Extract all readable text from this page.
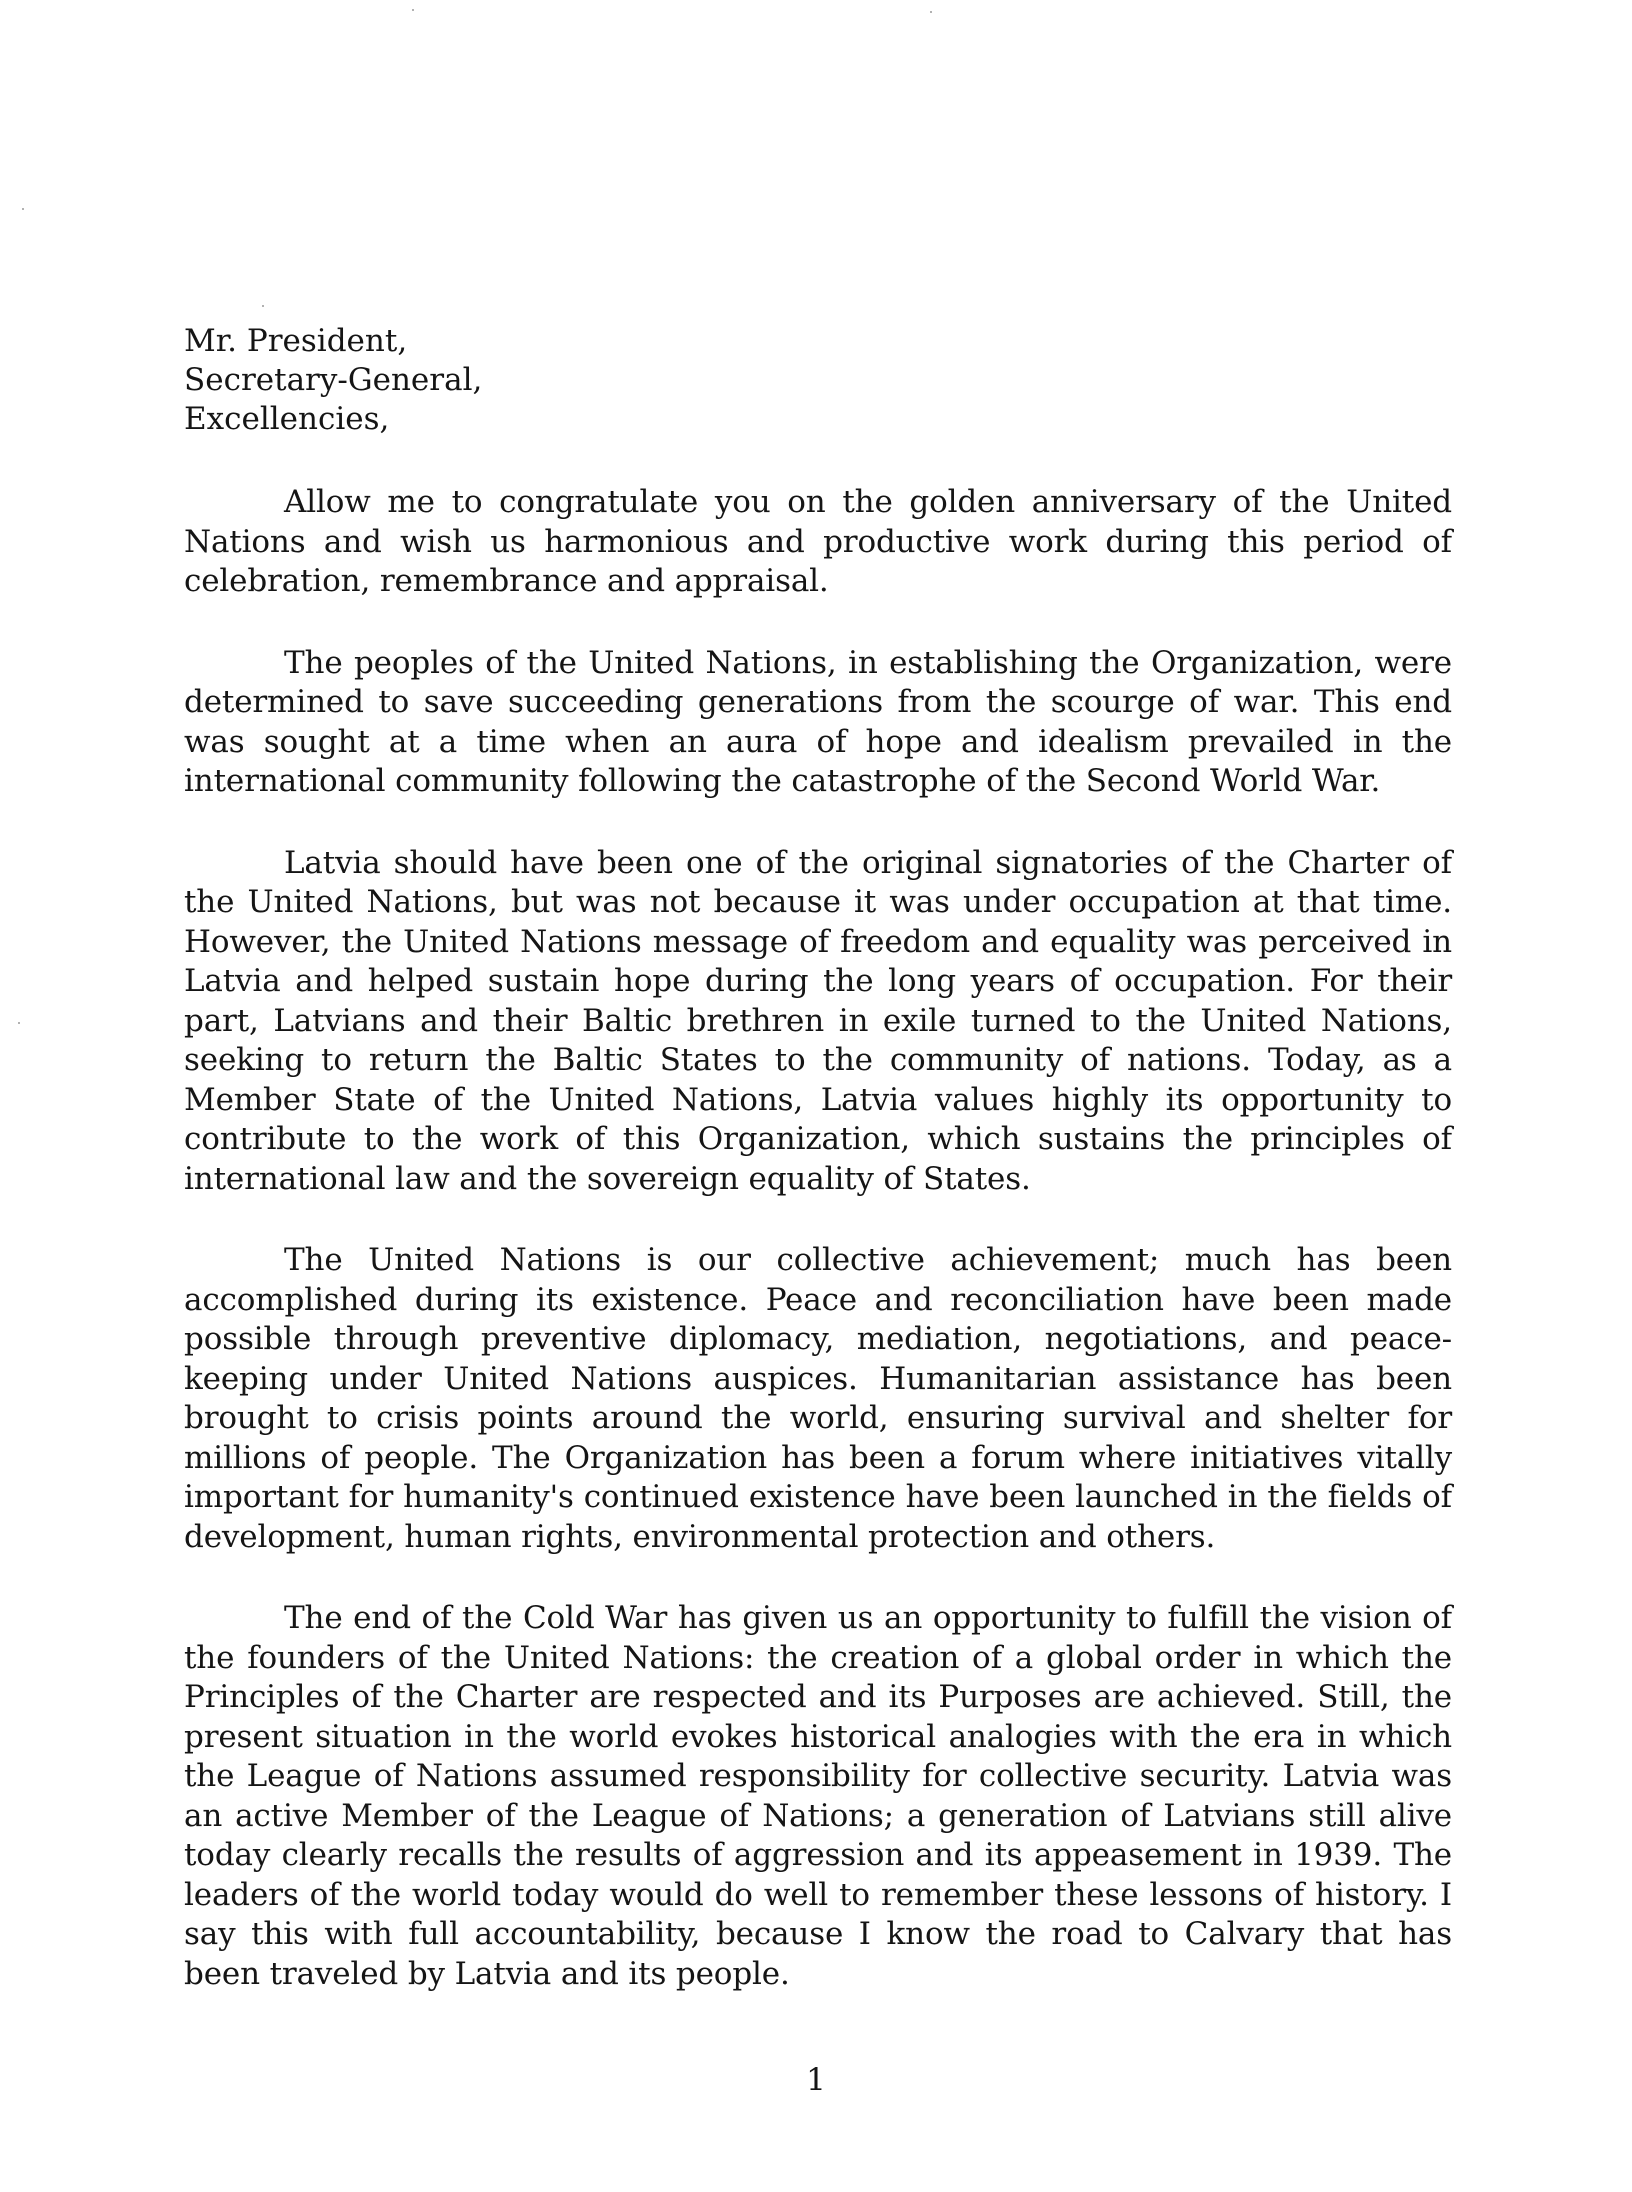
Mr. President,
Secretary-General,
Excellencies,

Allow me to congratulate you on the golden anniversary of the United Nations and wish us harmonious and productive work during this period of celebration, remembrance and appraisal.

The peoples of the United Nations, in establishing the Organization, were determined to save succeeding generations from the scourge of war. This end was sought at a time when an aura of hope and idealism prevailed in the international community following the catastrophe of the Second World War.

Latvia should have been one of the original signatories of the Charter of the United Nations, but was not because it was under occupation at that time. However, the United Nations message of freedom and equality was perceived in Latvia and helped sustain hope during the long years of occupation. For their part, Latvians and their Baltic brethren in exile turned to the United Nations, seeking to return the Baltic States to the community of nations. Today, as a Member State of the United Nations, Latvia values highly its opportunity to contribute to the work of this Organization, which sustains the principles of international law and the sovereign equality of States.

The United Nations is our collective achievement; much has been accomplished during its existence. Peace and reconciliation have been made possible through preventive diplomacy, mediation, negotiations, and peace-keeping under United Nations auspices. Humanitarian assistance has been brought to crisis points around the world, ensuring survival and shelter for millions of people. The Organization has been a forum where initiatives vitally important for humanity's continued existence have been launched in the fields of development, human rights, environmental protection and others.

The end of the Cold War has given us an opportunity to fulfill the vision of the founders of the United Nations: the creation of a global order in which the Principles of the Charter are respected and its Purposes are achieved. Still, the present situation in the world evokes historical analogies with the era in which the League of Nations assumed responsibility for collective security. Latvia was an active Member of the League of Nations; a generation of Latvians still alive today clearly recalls the results of aggression and its appeasement in 1939. The leaders of the world today would do well to remember these lessons of history. I say this with full accountability, because I know the road to Calvary that has been traveled by Latvia and its people.

1
